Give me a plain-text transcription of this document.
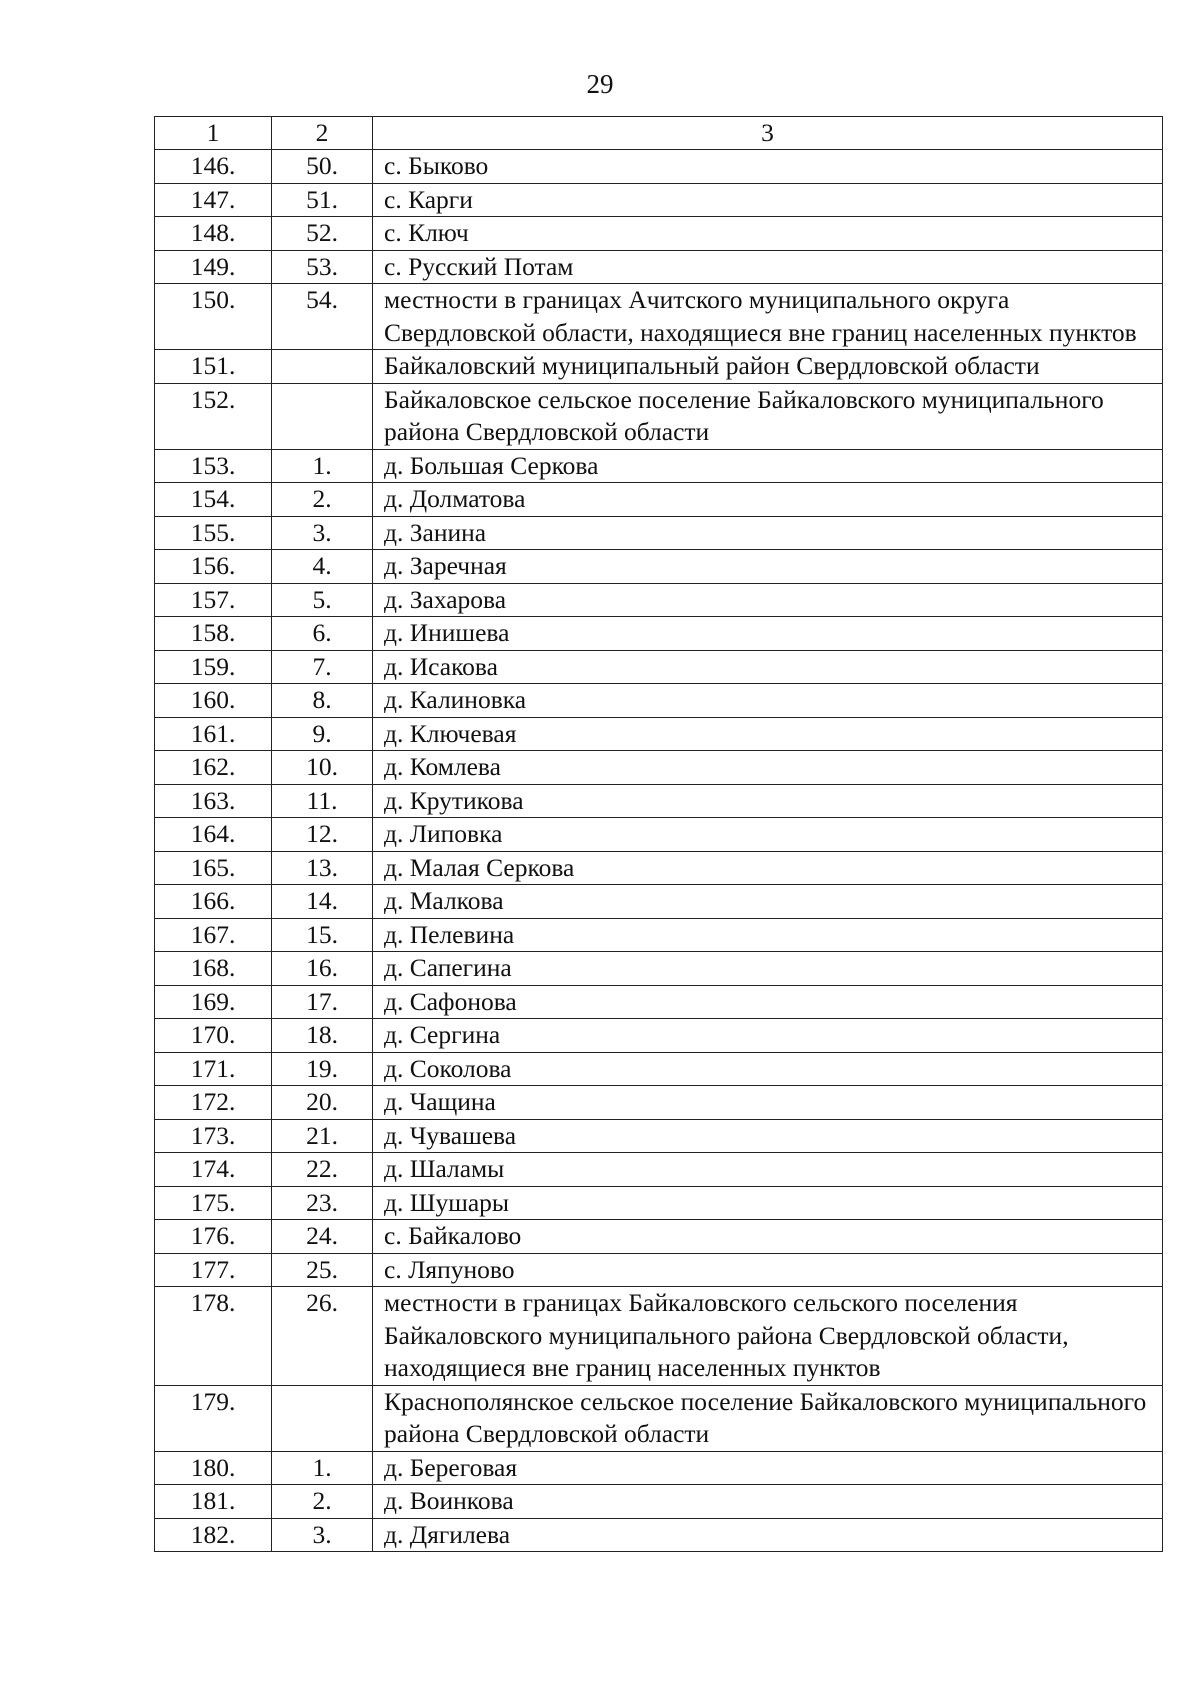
29
1	2	3
146.	50.	с. Быково
147.	51.	с. Карги
148.	52.	с. Ключ
149.	53.	с. Русский Потам
150.	54.	местности в границах Ачитского муниципального округа Свердловской области, находящиеся вне границ населенных пунктов
151.		Байкаловский муниципальный район Свердловской области
152.		Байкаловское сельское поселение Байкаловского муниципального района Свердловской области
153.	1.	д. Большая Серкова
154.	2.	д. Долматова
155.	3.	д. Занина
156.	4.	д. Заречная
157.	5.	д. Захарова
158.	6.	д. Инишева
159.	7.	д. Исакова
160.	8.	д. Калиновка
161.	9.	д. Ключевая
162.	10.	д. Комлева
163.	11.	д. Крутикова
164.	12.	д. Липовка
165.	13.	д. Малая Серкова
166.	14.	д. Малкова
167.	15.	д. Пелевина
168.	16.	д. Сапегина
169.	17.	д. Сафонова
170.	18.	д. Сергина
171.	19.	д. Соколова
172.	20.	д. Чащина
173.	21.	д. Чувашева
174.	22.	д. Шаламы
175.	23.	д. Шушары
176.	24.	с. Байкалово
177.	25.	с. Ляпуново
178.	26.	местности в границах Байкаловского сельского поселения Байкаловского муниципального района Свердловской области, находящиеся вне границ населенных пунктов
179.		Краснополянское сельское поселение Байкаловского муниципального района Свердловской области
180.	1.	д. Береговая
181.	2.	д. Воинкова
182.	3.	д. Дягилева
